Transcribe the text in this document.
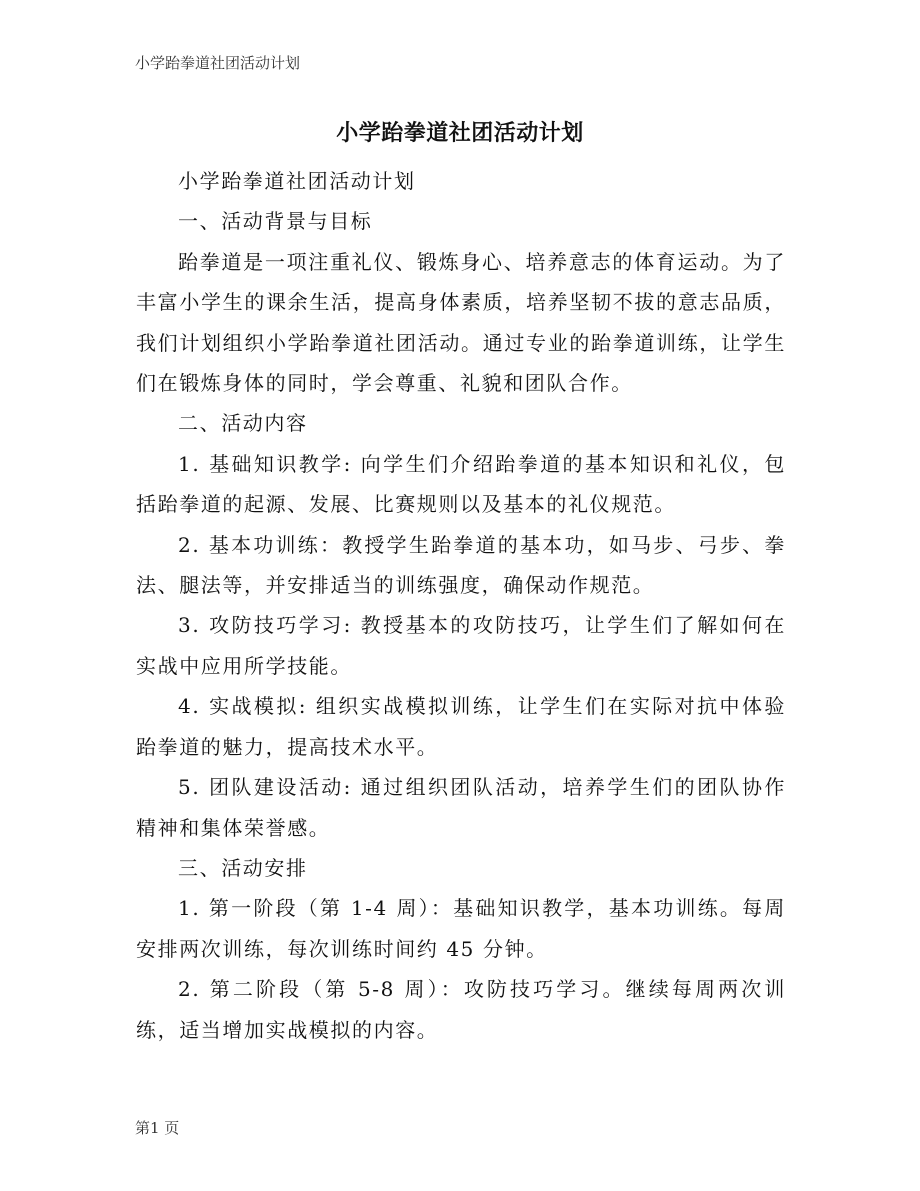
小学跆拳道社团活动计划
小学跆拳道社团活动计划

小学跆拳道社团活动计划

一、活动背景与目标

跆拳道是一项注重礼仪、锻炼身心、培养意志的体育运动。为了丰富小学生的课余生活，提高身体素质，培养坚韧不拔的意志品质，我们计划组织小学跆拳道社团活动。通过专业的跆拳道训练，让学生们在锻炼身体的同时，学会尊重、礼貌和团队合作。

二、活动内容

1. 基础知识教学: 向学生们介绍跆拳道的基本知识和礼仪，包括跆拳道的起源、发展、比赛规则以及基本的礼仪规范。

2. 基本功训练：教授学生跆拳道的基本功，如马步、弓步、拳法、腿法等，并安排适当的训练强度，确保动作规范。

3. 攻防技巧学习: 教授基本的攻防技巧，让学生们了解如何在实战中应用所学技能。

4. 实战模拟: 组织实战模拟训练，让学生们在实际对抗中体验跆拳道的魅力，提高技术水平。

5. 团队建设活动: 通过组织团队活动，培养学生们的团队协作精神和集体荣誉感。

三、活动安排

1. 第一阶段（第 1-4 周）：基础知识教学，基本功训练。每周安排两次训练，每次训练时间约 45 分钟。

2. 第二阶段（第 5-8 周）：攻防技巧学习。继续每周两次训练，适当增加实战模拟的内容。

第1 页
